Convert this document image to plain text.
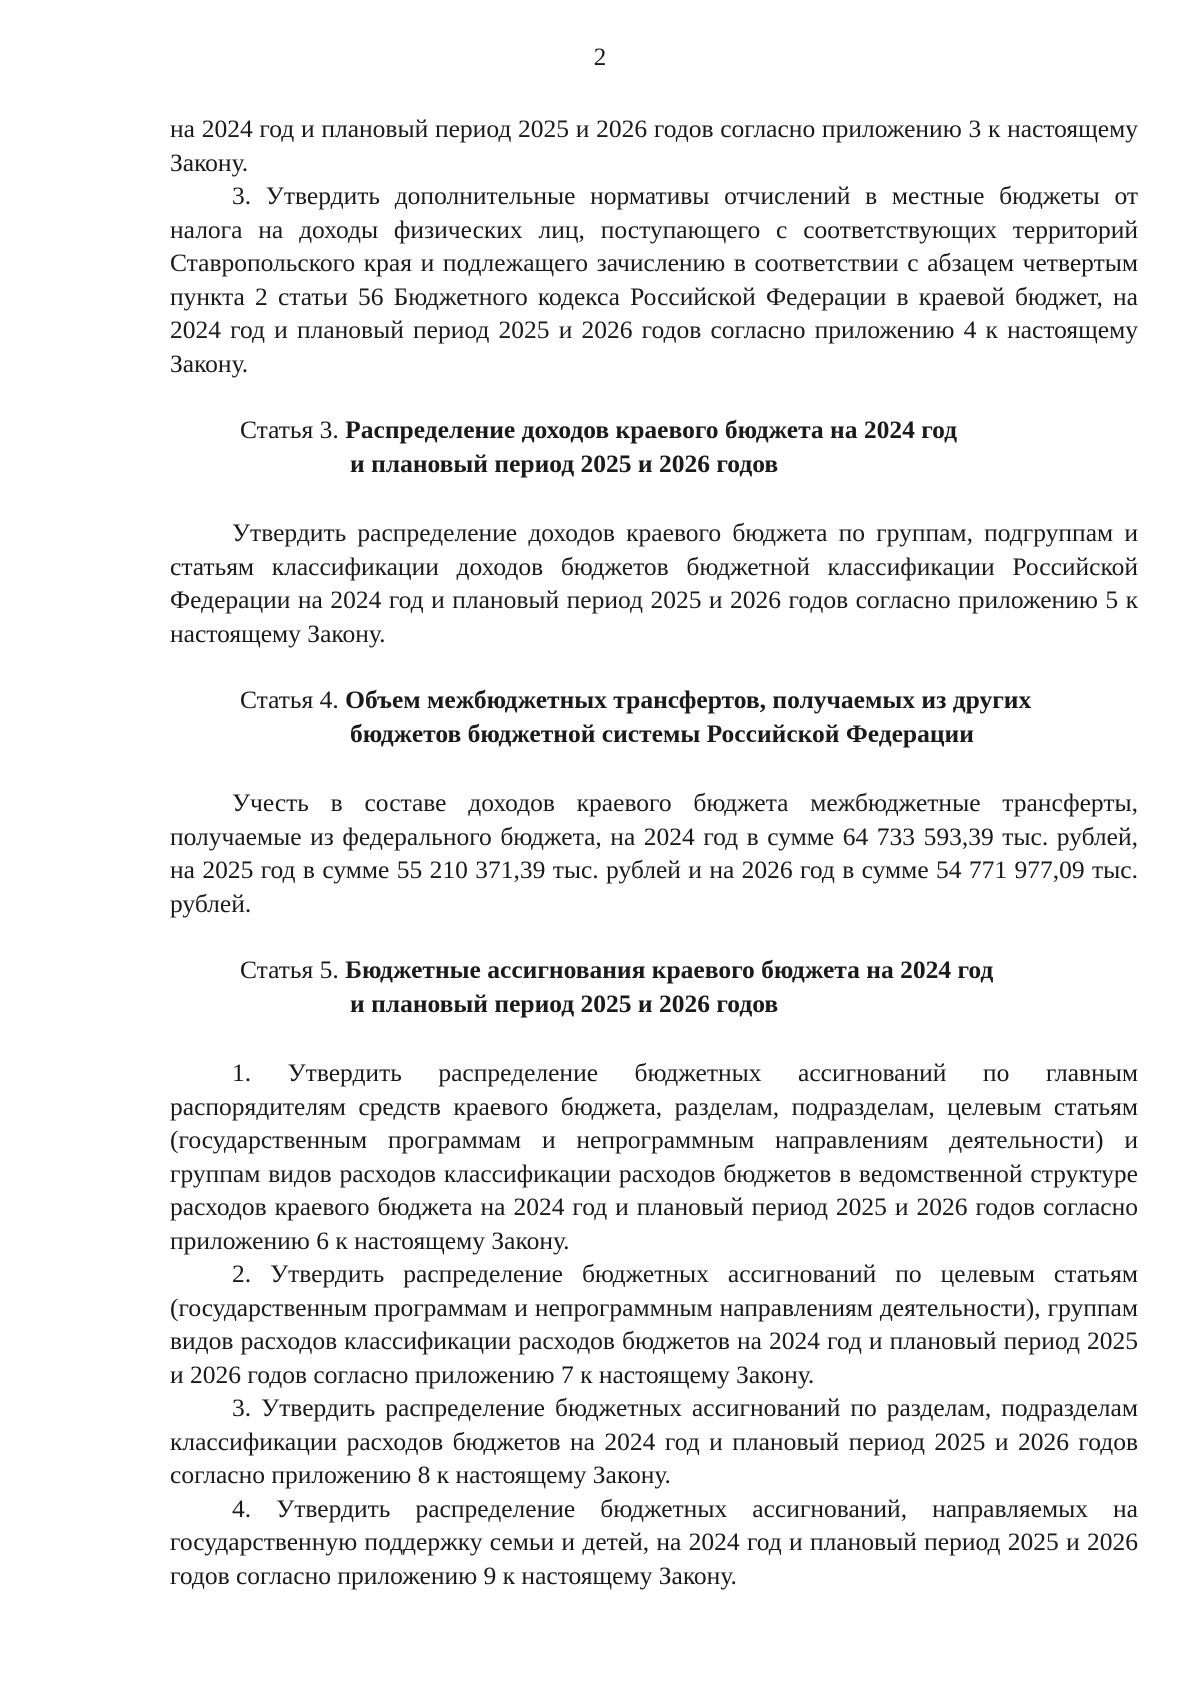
2

на 2024 год и плановый период 2025 и 2026 годов согласно приложению 3 к настоящему Закону.

3. Утвердить дополнительные нормативы отчислений в местные бюджеты от налога на доходы физических лиц, поступающего с соответствующих территорий Ставропольского края и подлежащего зачислению в соответствии с абзацем четвертым пункта 2 статьи 56 Бюджетного кодекса Российской Федерации в краевой бюджет, на 2024 год и плановый период 2025 и 2026 годов согласно приложению 4 к настоящему Закону.

Статья 3. Распределение доходов краевого бюджета на 2024 год
и плановый период 2025 и 2026 годов

Утвердить распределение доходов краевого бюджета по группам, подгруппам и статьям классификации доходов бюджетов бюджетной классификации Российской Федерации на 2024 год и плановый период 2025 и 2026 годов согласно приложению 5 к настоящему Закону.

Статья 4. Объем межбюджетных трансфертов, получаемых из других
бюджетов бюджетной системы Российской Федерации

Учесть в составе доходов краевого бюджета межбюджетные трансферты, получаемые из федерального бюджета, на 2024 год в сумме 64 733 593,39 тыс. рублей, на 2025 год в сумме 55 210 371,39 тыс. рублей и на 2026 год в сумме 54 771 977,09 тыс. рублей.

Статья 5. Бюджетные ассигнования краевого бюджета на 2024 год
и плановый период 2025 и 2026 годов

1. Утвердить распределение бюджетных ассигнований по главным распорядителям средств краевого бюджета, разделам, подразделам, целевым статьям (государственным программам и непрограммным направлениям деятельности) и группам видов расходов классификации расходов бюджетов в ведомственной структуре расходов краевого бюджета на 2024 год и плановый период 2025 и 2026 годов согласно приложению 6 к настоящему Закону.

2. Утвердить распределение бюджетных ассигнований по целевым статьям (государственным программам и непрограммным направлениям деятельности), группам видов расходов классификации расходов бюджетов на 2024 год и плановый период 2025 и 2026 годов согласно приложению 7 к настоящему Закону.

3. Утвердить распределение бюджетных ассигнований по разделам, подразделам классификации расходов бюджетов на 2024 год и плановый период 2025 и 2026 годов согласно приложению 8 к настоящему Закону.

4. Утвердить распределение бюджетных ассигнований, направляемых на государственную поддержку семьи и детей, на 2024 год и плановый период 2025 и 2026 годов согласно приложению 9 к настоящему Закону.
